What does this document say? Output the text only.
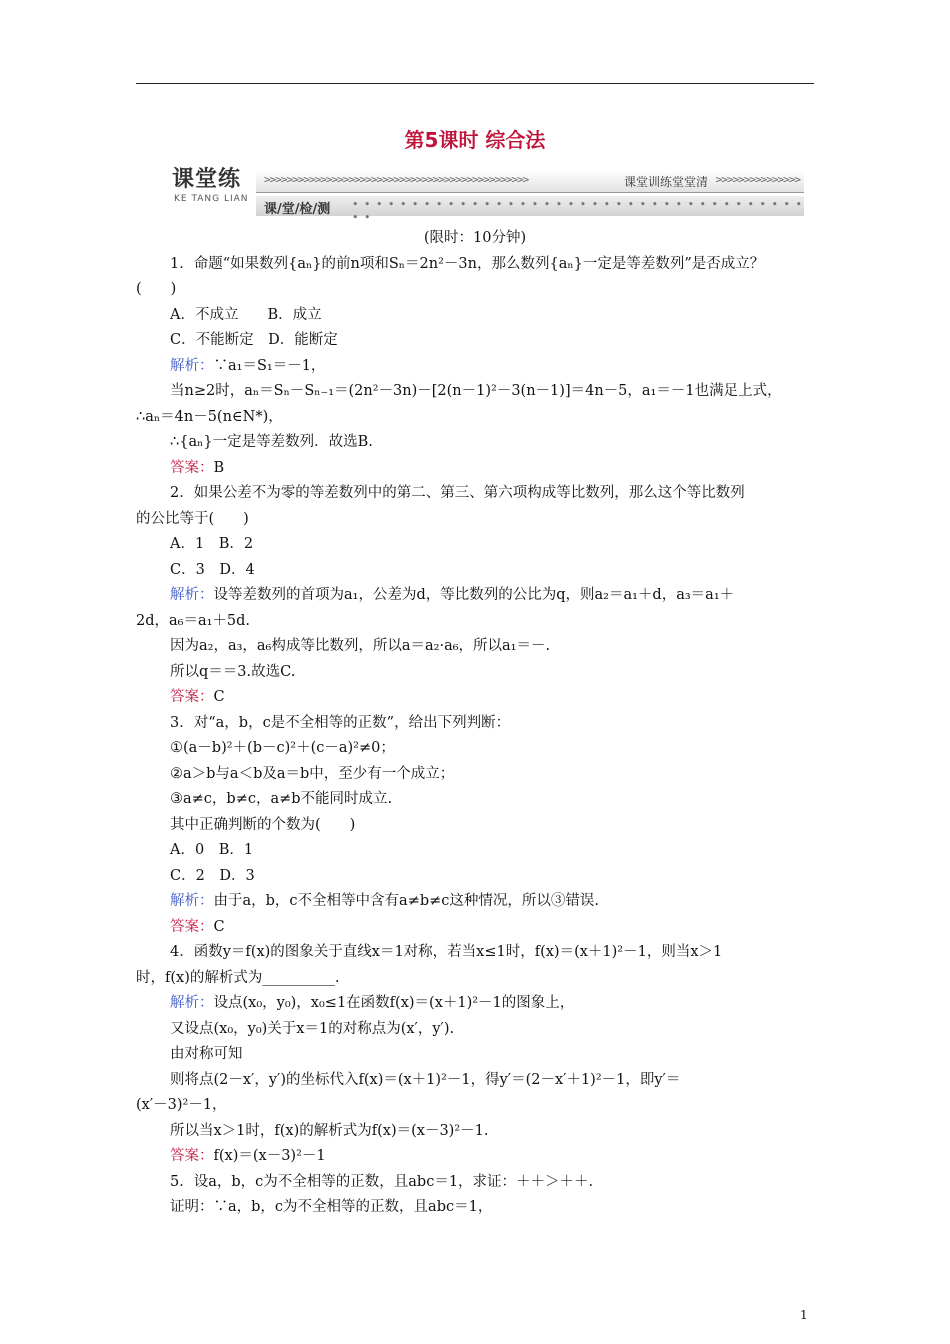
第5课时 综合法
课堂练
KE TANG LIAN
>>>>>>>>>>>>>>>>>>>>>>>>>>>>>>>>>>>>>>>>>>>>>>>	课堂训练堂堂清 >>>>>>>>>>>>>>>
课/堂/检/测 • • • • • • • • • • • • • • • • • • • • • • • • • • • • • • • • • • • • • • • •
(限时：10分钟)
1．命题“如果数列{aₙ}的前n项和Sₙ＝2n²－3n，那么数列{aₙ}一定是等差数列”是否成立？
(　　)
A．不成立　　B．成立
C．不能断定　D．能断定
解析：∵a₁＝S₁＝－1，
当n≥2时，aₙ＝Sₙ－Sₙ₋₁＝(2n²－3n)－[2(n－1)²－3(n－1)]＝4n－5，a₁＝－1也满足上式，
∴aₙ＝4n－5(n∈N*)，
∴{aₙ}一定是等差数列．故选B.
答案：B
2．如果公差不为零的等差数列中的第二、第三、第六项构成等比数列，那么这个等比数列
的公比等于(　　)
A．1　B．2
C．3　D．4
解析：设等差数列的首项为a₁，公差为d，等比数列的公比为q，则a₂＝a₁＋d，a₃＝a₁＋
2d，a₆＝a₁＋5d.
因为a₂，a₃，a₆构成等比数列，所以a＝a₂·a₆，所以a₁＝－.
所以q＝＝3.故选C.
答案：C
3．对“a，b，c是不全相等的正数”，给出下列判断：
①(a－b)²＋(b－c)²＋(c－a)²≠0；
②a＞b与a＜b及a＝b中，至少有一个成立；
③a≠c，b≠c，a≠b不能同时成立.
其中正确判断的个数为(　　)
A．0　B．1
C．2　D．3
解析：由于a，b，c不全相等中含有a≠b≠c这种情况，所以③错误.
答案：C
4．函数y＝f(x)的图象关于直线x＝1对称，若当x≤1时，f(x)＝(x＋1)²－1，则当x＞1
时，f(x)的解析式为__________.
解析：设点(x₀，y₀)，x₀≤1在函数f(x)＝(x＋1)²－1的图象上，
又设点(x₀，y₀)关于x＝1的对称点为(x′，y′).
由对称可知
则将点(2－x′，y′)的坐标代入f(x)＝(x＋1)²－1，得y′＝(2－x′＋1)²－1，即y′＝
(x′－3)²－1，
所以当x＞1时，f(x)的解析式为f(x)＝(x－3)²－1.
答案：f(x)＝(x－3)²－1
5．设a，b，c为不全相等的正数，且abc＝1，求证：＋＋＞＋＋.
证明：∵a，b，c为不全相等的正数，且abc＝1，
1
